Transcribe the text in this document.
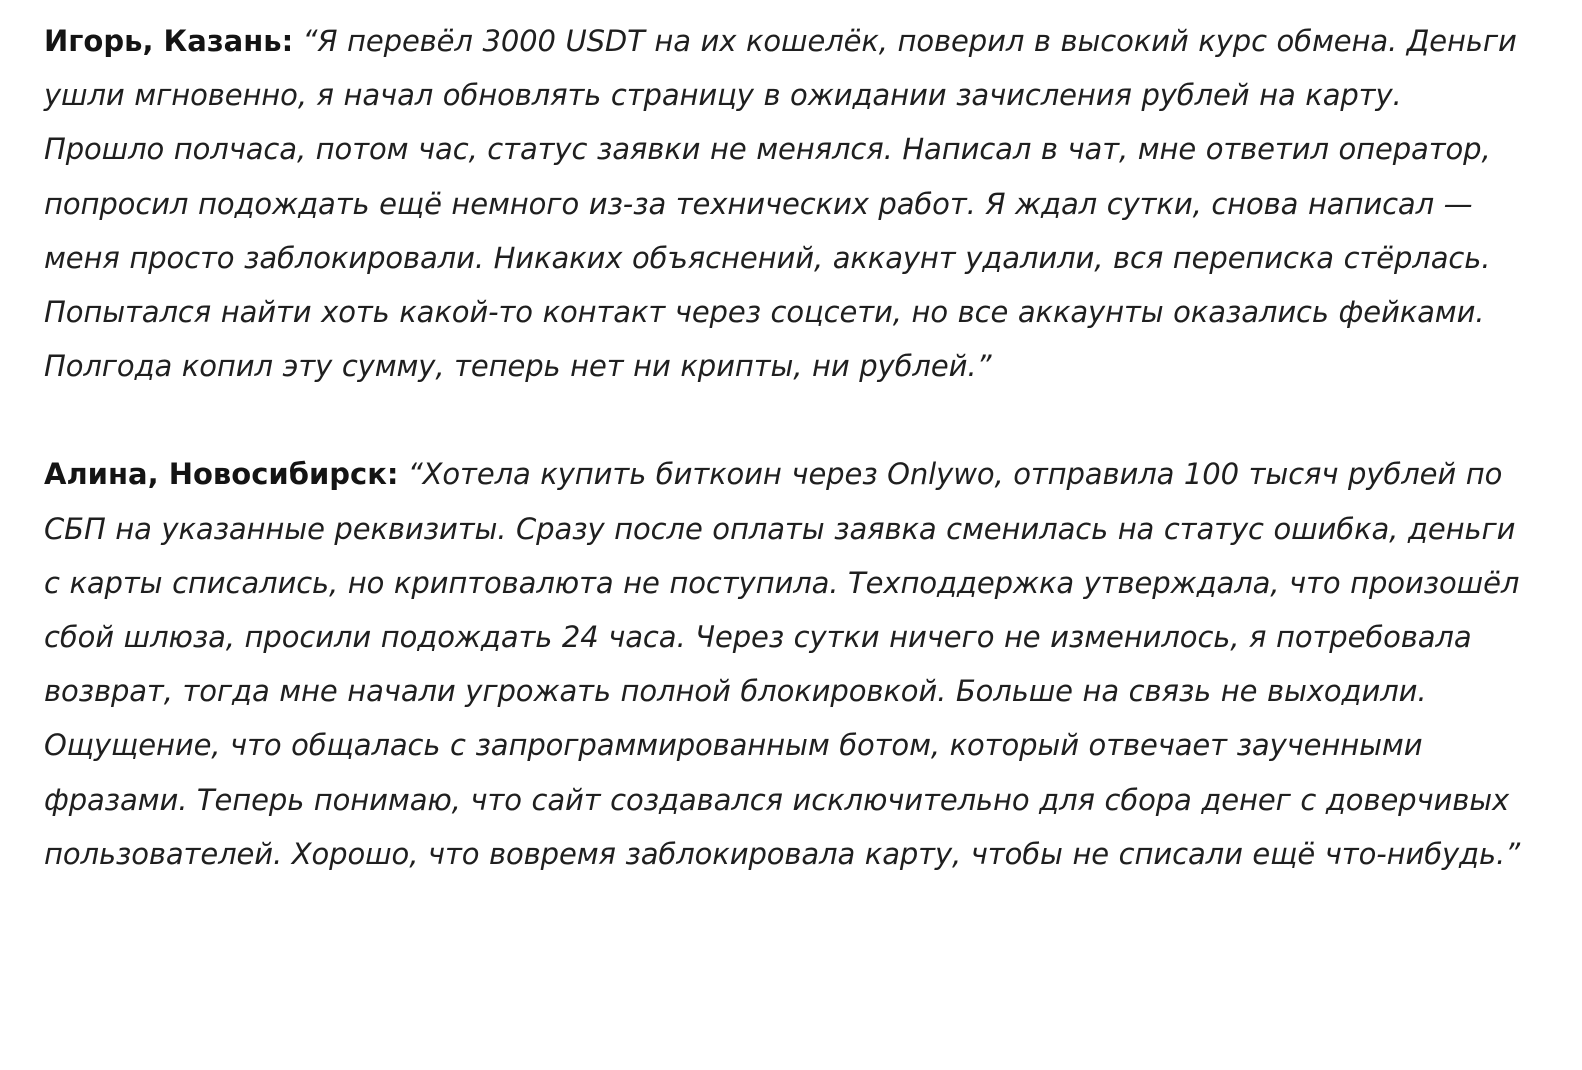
Игорь, Казань: “Я перевёл 3000 USDT на их кошелёк, поверил в высокий курс обмена. Деньги ушли мгновенно, я начал обновлять страницу в ожидании зачисления рублей на карту. Прошло полчаса, потом час, статус заявки не менялся. Написал в чат, мне ответил оператор, попросил подождать ещё немного из-за технических работ. Я ждал сутки, снова написал — меня просто заблокировали. Никаких объяснений, аккаунт удалили, вся переписка стёрлась. Попытался найти хоть какой-то контакт через соцсети, но все аккаунты оказались фейками. Полгода копил эту сумму, теперь нет ни крипты, ни рублей.”

Алина, Новосибирск: “Хотела купить биткоин через Onlywo, отправила 100 тысяч рублей по СБП на указанные реквизиты. Сразу после оплаты заявка сменилась на статус ошибка, деньги с карты списались, но криптовалюта не поступила. Техподдержка утверждала, что произошёл сбой шлюза, просили подождать 24 часа. Через сутки ничего не изменилось, я потребовала возврат, тогда мне начали угрожать полной блокировкой. Больше на связь не выходили. Ощущение, что общалась с запрограммированным ботом, который отвечает заученными фразами. Теперь понимаю, что сайт создавался исключительно для сбора денег с доверчивых пользователей. Хорошо, что вовремя заблокировала карту, чтобы не списали ещё что-нибудь.”
